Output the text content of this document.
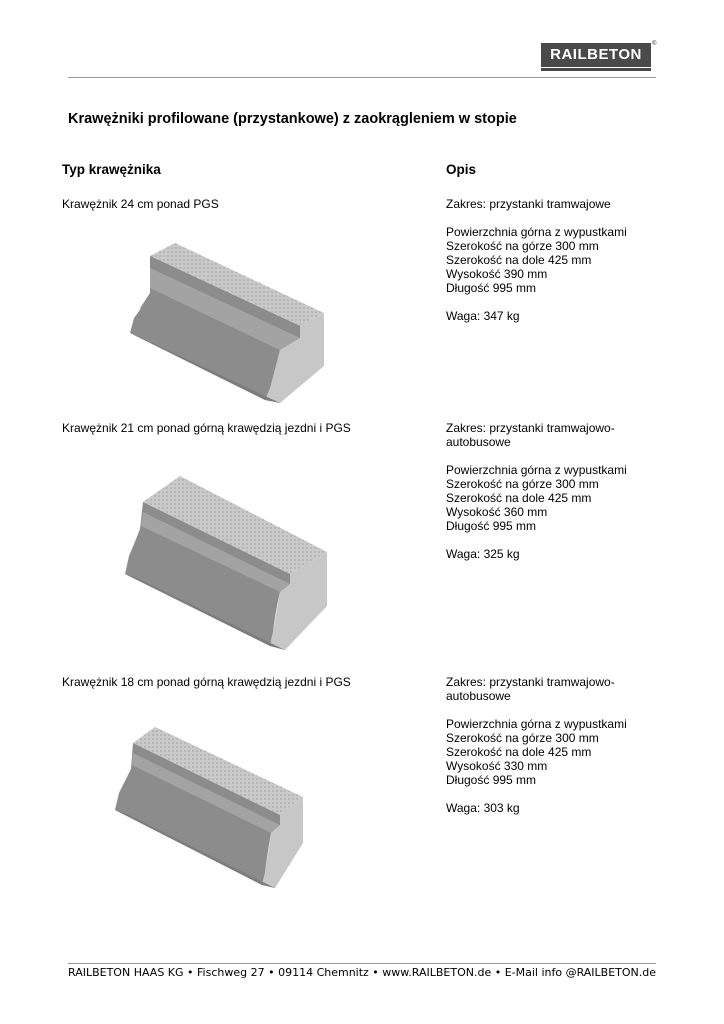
RAILBETON
®
Krawężniki profilowane (przystankowe) z zaokrągleniem w stopie
Typ krawężnika	Opis
Krawężnik 24 cm ponad PGS	Zakres: przystanki tramwajowe

Powierzchnia górna z wypustkami

Szerokość na górze 300 mm

Szerokość na dole 425 mm

Wysokość 390 mm

Długość 995 mm

Waga: 347 kg

Krawężnik 21 cm ponad górną krawędzią jezdni i PGS	Zakres: przystanki tramwajowo-autobusowe

Powierzchnia górna z wypustkami

Szerokość na górze 300 mm

Szerokość na dole 425 mm

Wysokość 360 mm

Długość 995 mm

Waga: 325 kg

Krawężnik 18 cm ponad górną krawędzią jezdni i PGS	Zakres: przystanki tramwajowo-autobusowe

Powierzchnia górna z wypustkami

Szerokość na górze 300 mm

Szerokość na dole 425 mm

Wysokość 330 mm

Długość 995 mm

Waga: 303 kg

RAILBETON HAAS KG • Fischweg 27 • 09114 Chemnitz • www.RAILBETON.de • E-Mail info @RAILBETON.de
